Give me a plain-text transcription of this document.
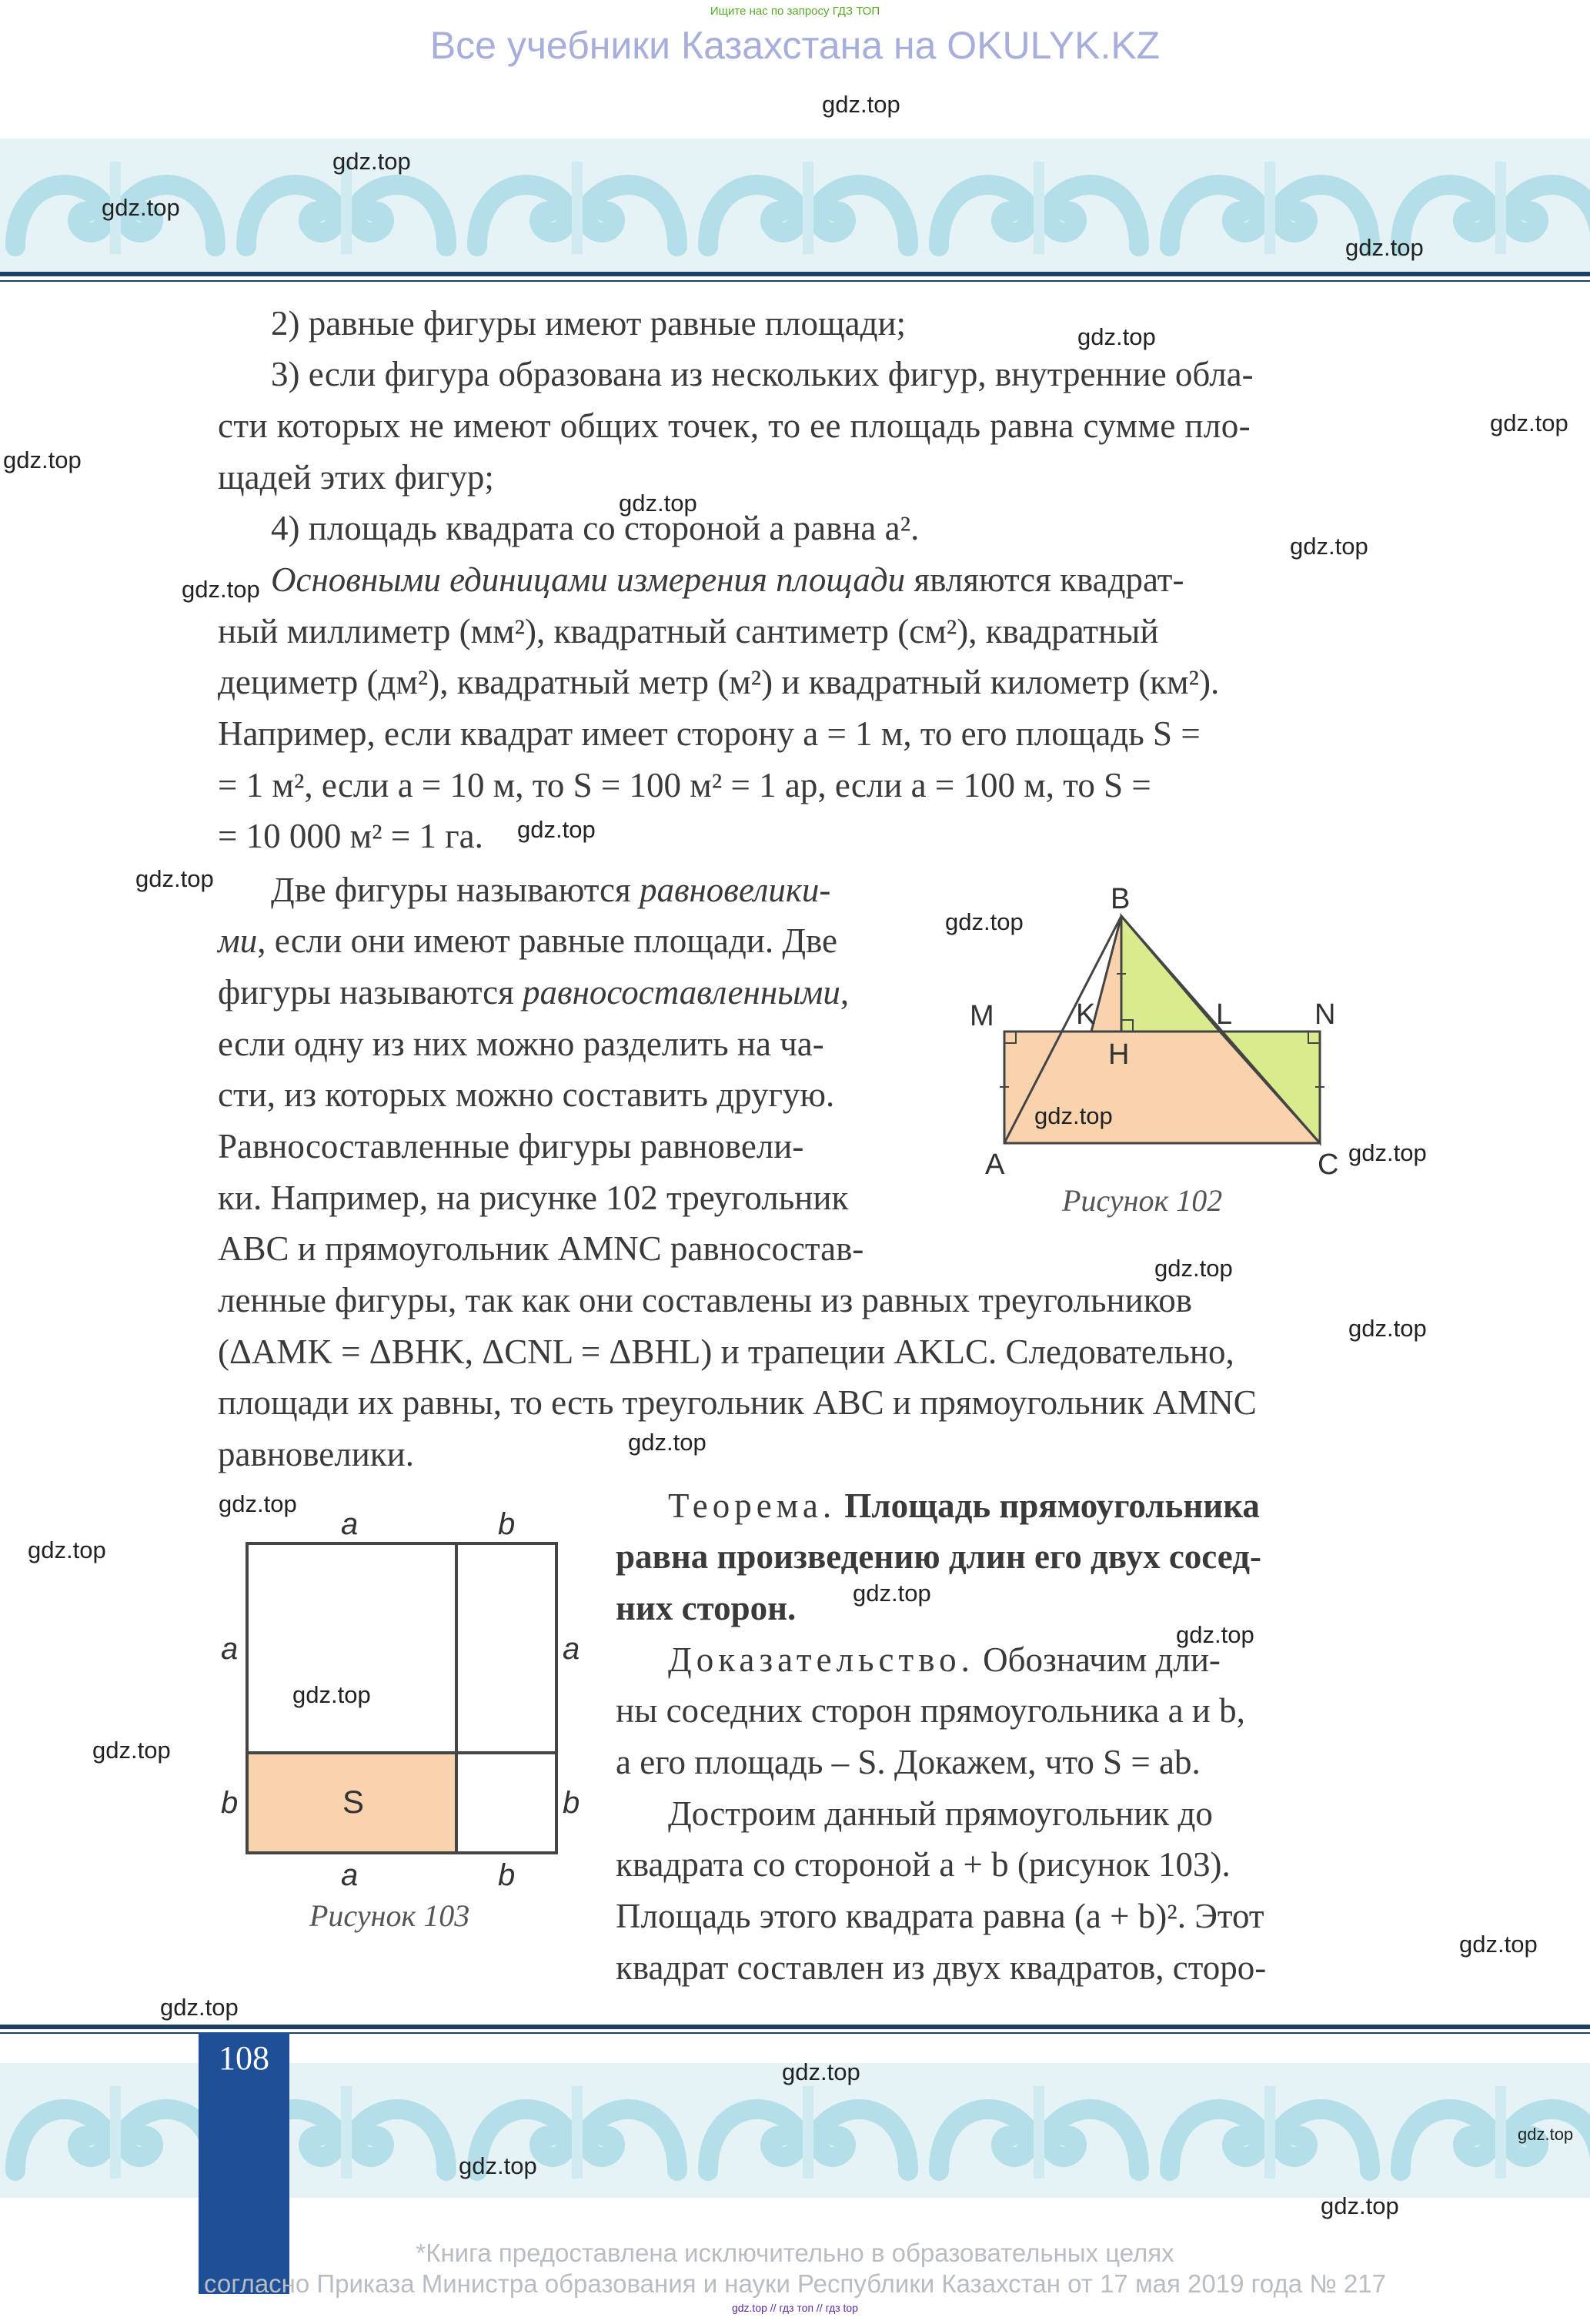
Ищите нас по запросу ГДЗ ТОП
Все учебники Казахстана на OKULYK.KZ
2) равные фигуры имеют равные площади;
3) если фигура образована из нескольких фигур, внутренние обла-
сти которых не имеют общих точек, то ее площадь равна сумме пло-
щадей этих фигур;
4) площадь квадрата со стороной a равна a².
Основными единицами измерения площади являются квадрат-
ный миллиметр (мм²), квадратный сантиметр (см²), квадратный
дециметр (дм²), квадратный метр (м²) и квадратный километр (км²).
Например, если квадрат имеет сторону a = 1 м, то его площадь S =
= 1 м², если a = 10 м, то S = 100 м² = 1 ар, если a = 100 м, то S =
= 10 000 м² = 1 га.
Две фигуры называются равновелики-
ми, если они имеют равные площади. Две
фигуры называются равносоставленными,
если одну из них можно разделить на ча-
сти, из которых можно составить другую.
Равносоставленные фигуры равновели-
ки. Например, на рисунке 102 треугольник
ABC и прямоугольник AMNC равносостав-
ленные фигуры, так как они составлены из равных треугольников
(ΔAMK = ΔBHK, ΔCNL = ΔBHL) и трапеции AKLC. Следовательно,
площади их равны, то есть треугольник ABC и прямоугольник AMNC
равновелики.
B
M	K	L	N
H
A	C
Рисунок 102
a	b
a
b
a
b
S
a	b
Рисунок 103
Теорема. Площадь прямоугольника
равна произведению длин его двух сосед-
них сторон.
Доказательство. Обозначим дли-
ны соседних сторон прямоугольника a и b,
а его площадь – S. Докажем, что S = ab.
Достроим данный прямоугольник до
квадрата со стороной a + b (рисунок 103).
Площадь этого квадрата равна (a + b)². Этот
квадрат составлен из двух квадратов, сторо-
108
*Книга предоставлена исключительно в образовательных целях
согласно Приказа Министра образования и науки Республики Казахстан от 17 мая 2019 года № 217
gdz.top // гдз топ // гдз top
gdz.top
gdz.top
gdz.top
gdz.top
gdz.top
gdz.top
gdz.top
gdz.top
gdz.top
gdz.top
gdz.top
gdz.top
gdz.top
gdz.top
gdz.top
gdz.top
gdz.top
gdz.top
gdz.top
gdz.top
gdz.top
gdz.top
gdz.top
gdz.top
gdz.top
gdz.top
gdz.top
gdz.top
gdz.top
gdz.top
